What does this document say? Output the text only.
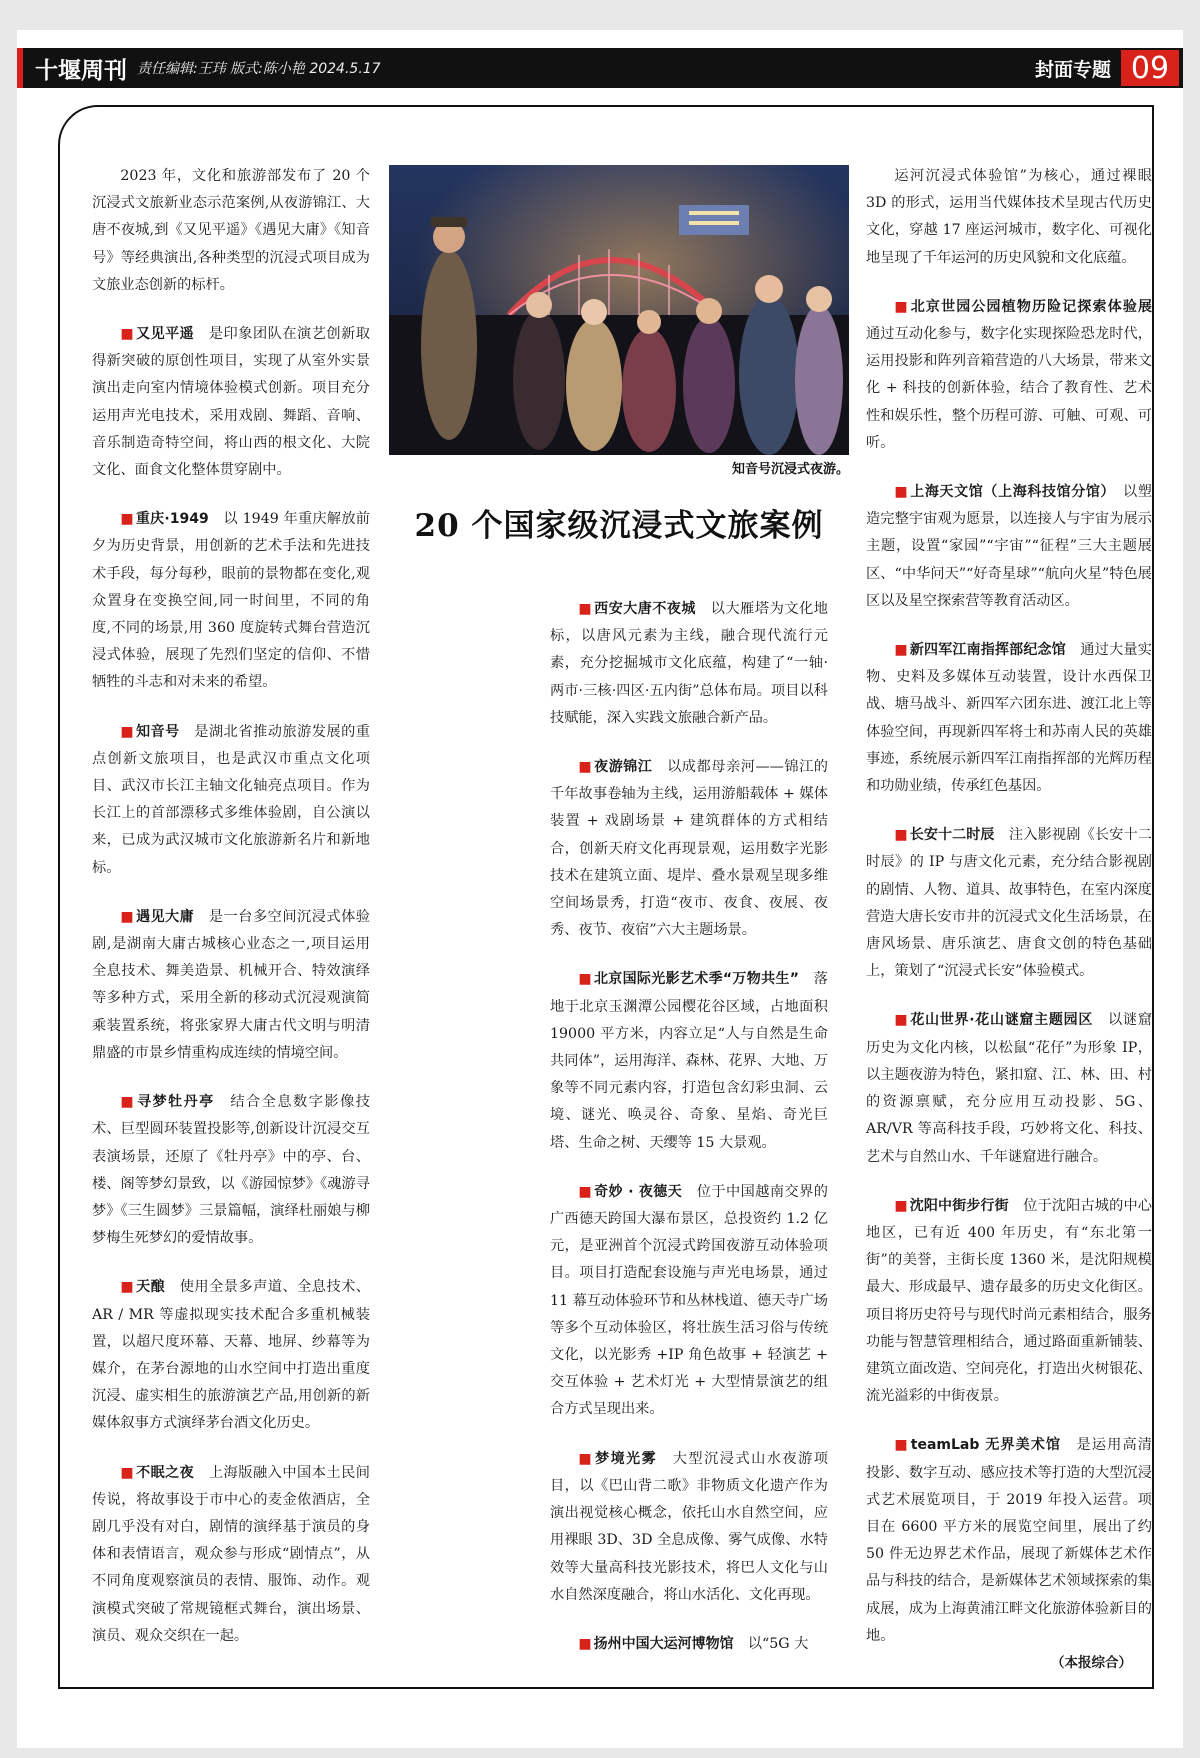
十堰周刊 责任编辑:王玮 版式:陈小艳 2024.5.17	封面专题 09
知音号沉浸式夜游。
20 个国家级沉浸式文旅案例

2023 年，文化和旅游部发布了 20 个沉浸式文旅新业态示范案例,从夜游锦江、大唐不夜城,到《又见平遥》《遇见大庸》《知音号》等经典演出,各种类型的沉浸式项目成为文旅业态创新的标杆。

■ 又见平遥　 是印象团队在演艺创新取得新突破的原创性项目，实现了从室外实景演出走向室内情境体验模式创新。项目充分运用声光电技术，采用戏剧、舞蹈、音响、音乐制造奇特空间，将山西的根文化、大院文化、面食文化整体贯穿剧中。

■ 重庆·1949　 以 1949 年重庆解放前夕为历史背景，用创新的艺术手法和先进技术手段，每分每秒，眼前的景物都在变化,观众置身在变换空间,同一时间里，不同的角度,不同的场景,用 360 度旋转式舞台营造沉浸式体验，展现了先烈们坚定的信仰、不惜牺牲的斗志和对未来的希望。

■ 知音号　 是湖北省推动旅游发展的重点创新文旅项目，也是武汉市重点文化项目、武汉市长江主轴文化轴亮点项目。作为长江上的首部漂移式多维体验剧，自公演以来，已成为武汉城市文化旅游新名片和新地标。

■ 遇见大庸　 是一台多空间沉浸式体验剧,是湖南大庸古城核心业态之一,项目运用全息技术、舞美造景、机械开合、特效演绎等多种方式，采用全新的移动式沉浸观演简乘装置系统，将张家界大庸古代文明与明清鼎盛的市景乡情重构成连续的情境空间。

■ 寻梦牡丹亭　 结合全息数字影像技术、巨型圆环装置投影等,创新设计沉浸交互表演场景，还原了《牡丹亭》中的亭、台、楼、阁等梦幻景致，以《游园惊梦》《魂游寻梦》《三生圆梦》三景篇幅，演绎杜丽娘与柳梦梅生死梦幻的爱情故事。

■ 天酿　 使用全景多声道、全息技术、AR / MR 等虚拟现实技术配合多重机械装置，以超尺度环幕、天幕、地屏、纱幕等为媒介，在茅台源地的山水空间中打造出重度沉浸、虚实相生的旅游演艺产品,用创新的新媒体叙事方式演绎茅台酒文化历史。

■ 不眠之夜　 上海版融入中国本土民间传说，将故事设于市中心的麦金侬酒店，全剧几乎没有对白，剧情的演绎基于演员的身体和表情语言，观众参与形成“剧情点”，从不同角度观察演员的表情、服饰、动作。观演模式突破了常规镜框式舞台，演出场景、演员、观众交织在一起。

■ 西安大唐不夜城　 以大雁塔为文化地标，以唐风元素为主线，融合现代流行元素，充分挖掘城市文化底蕴，构建了“一轴·两市·三核·四区·五内街”总体布局。项目以科技赋能，深入实践文旅融合新产品。

■ 夜游锦江　 以成都母亲河——锦江的千年故事卷轴为主线，运用游船载体 + 媒体装置 + 戏剧场景 + 建筑群体的方式相结合，创新天府文化再现景观，运用数字光影技术在建筑立面、堤岸、叠水景观呈现多维空间场景秀，打造“夜市、夜食、夜展、夜秀、夜节、夜宿”六大主题场景。

■ 北京国际光影艺术季“万物共生”　 落地于北京玉渊潭公园樱花谷区域，占地面积 19000 平方米，内容立足“人与自然是生命共同体”，运用海洋、森林、花界、大地、万象等不同元素内容，打造包含幻彩虫洞、云境、谜光、唤灵谷、奇象、星焰、奇光巨塔、生命之树、天缨等 15 大景观。

■ 奇妙 · 夜德天　 位于中国越南交界的广西德天跨国大瀑布景区，总投资约 1.2 亿元，是亚洲首个沉浸式跨国夜游互动体验项目。项目打造配套设施与声光电场景，通过 11 幕互动体验环节和丛林栈道、德天寺广场等多个互动体验区，将壮族生活习俗与传统文化，以光影秀 +IP 角色故事 + 轻演艺 + 交互体验 + 艺术灯光 + 大型情景演艺的组合方式呈现出来。

■ 梦境光雾　 大型沉浸式山水夜游项目，以《巴山背二歌》非物质文化遗产作为演出视觉核心概念，依托山水自然空间，应用裸眼 3D、3D 全息成像、雾气成像、水特效等大量高科技光影技术，将巴人文化与山水自然深度融合，将山水活化、文化再现。

■ 扬州中国大运河博物馆　 以“5G 大

运河沉浸式体验馆”为核心，通过裸眼 3D 的形式，运用当代媒体技术呈现古代历史文化，穿越 17 座运河城市，数字化、可视化地呈现了千年运河的历史风貌和文化底蕴。

■ 北京世园公园植物历险记探索体验展　通过互动化参与，数字化实现探险恐龙时代，运用投影和阵列音箱营造的八大场景，带来文化 + 科技的创新体验，结合了教育性、艺术性和娱乐性，整个历程可游、可触、可观、可听。

■ 上海天文馆（上海科技馆分馆）　 以塑造完整宇宙观为愿景，以连接人与宇宙为展示主题，设置“家园”“宇宙”“征程”三大主题展区、“中华问天”“好奇星球”“航向火星”特色展区以及星空探索营等教育活动区。

■ 新四军江南指挥部纪念馆　 通过大量实物、史料及多媒体互动装置，设计水西保卫战、塘马战斗、新四军六团东进、渡江北上等体验空间，再现新四军将士和苏南人民的英雄事迹，系统展示新四军江南指挥部的光辉历程和功勋业绩，传承红色基因。

■ 长安十二时辰　 注入影视剧《长安十二时辰》的 IP 与唐文化元素，充分结合影视剧的剧情、人物、道具、故事特色，在室内深度营造大唐长安市井的沉浸式文化生活场景，在唐风场景、唐乐演艺、唐食文创的特色基础上，策划了“沉浸式长安”体验模式。

■ 花山世界·花山谜窟主题园区　 以谜窟历史为文化内核，以松鼠“花仔”为形象 IP，以主题夜游为特色，紧扣窟、江、林、田、村的资源禀赋，充分应用互动投影、5G、AR/VR 等高科技手段，巧妙将文化、科技、艺术与自然山水、千年谜窟进行融合。

■ 沈阳中街步行街　 位于沈阳古城的中心地区，已有近 400 年历史，有“东北第一街”的美誉，主街长度 1360 米，是沈阳规模最大、形成最早、遗存最多的历史文化街区。项目将历史符号与现代时尚元素相结合，服务功能与智慧管理相结合，通过路面重新铺装、建筑立面改造、空间亮化，打造出火树银花、流光溢彩的中街夜景。

■ teamLab 无界美术馆　 是运用高清投影、数字互动、感应技术等打造的大型沉浸式艺术展览项目，于 2019 年投入运营。项目在 6600 平方米的展览空间里，展出了约 50 件无边界艺术作品，展现了新媒体艺术作品与科技的结合，是新媒体艺术领域探索的集成展，成为上海黄浦江畔文化旅游体验新目的地。

（本报综合）
